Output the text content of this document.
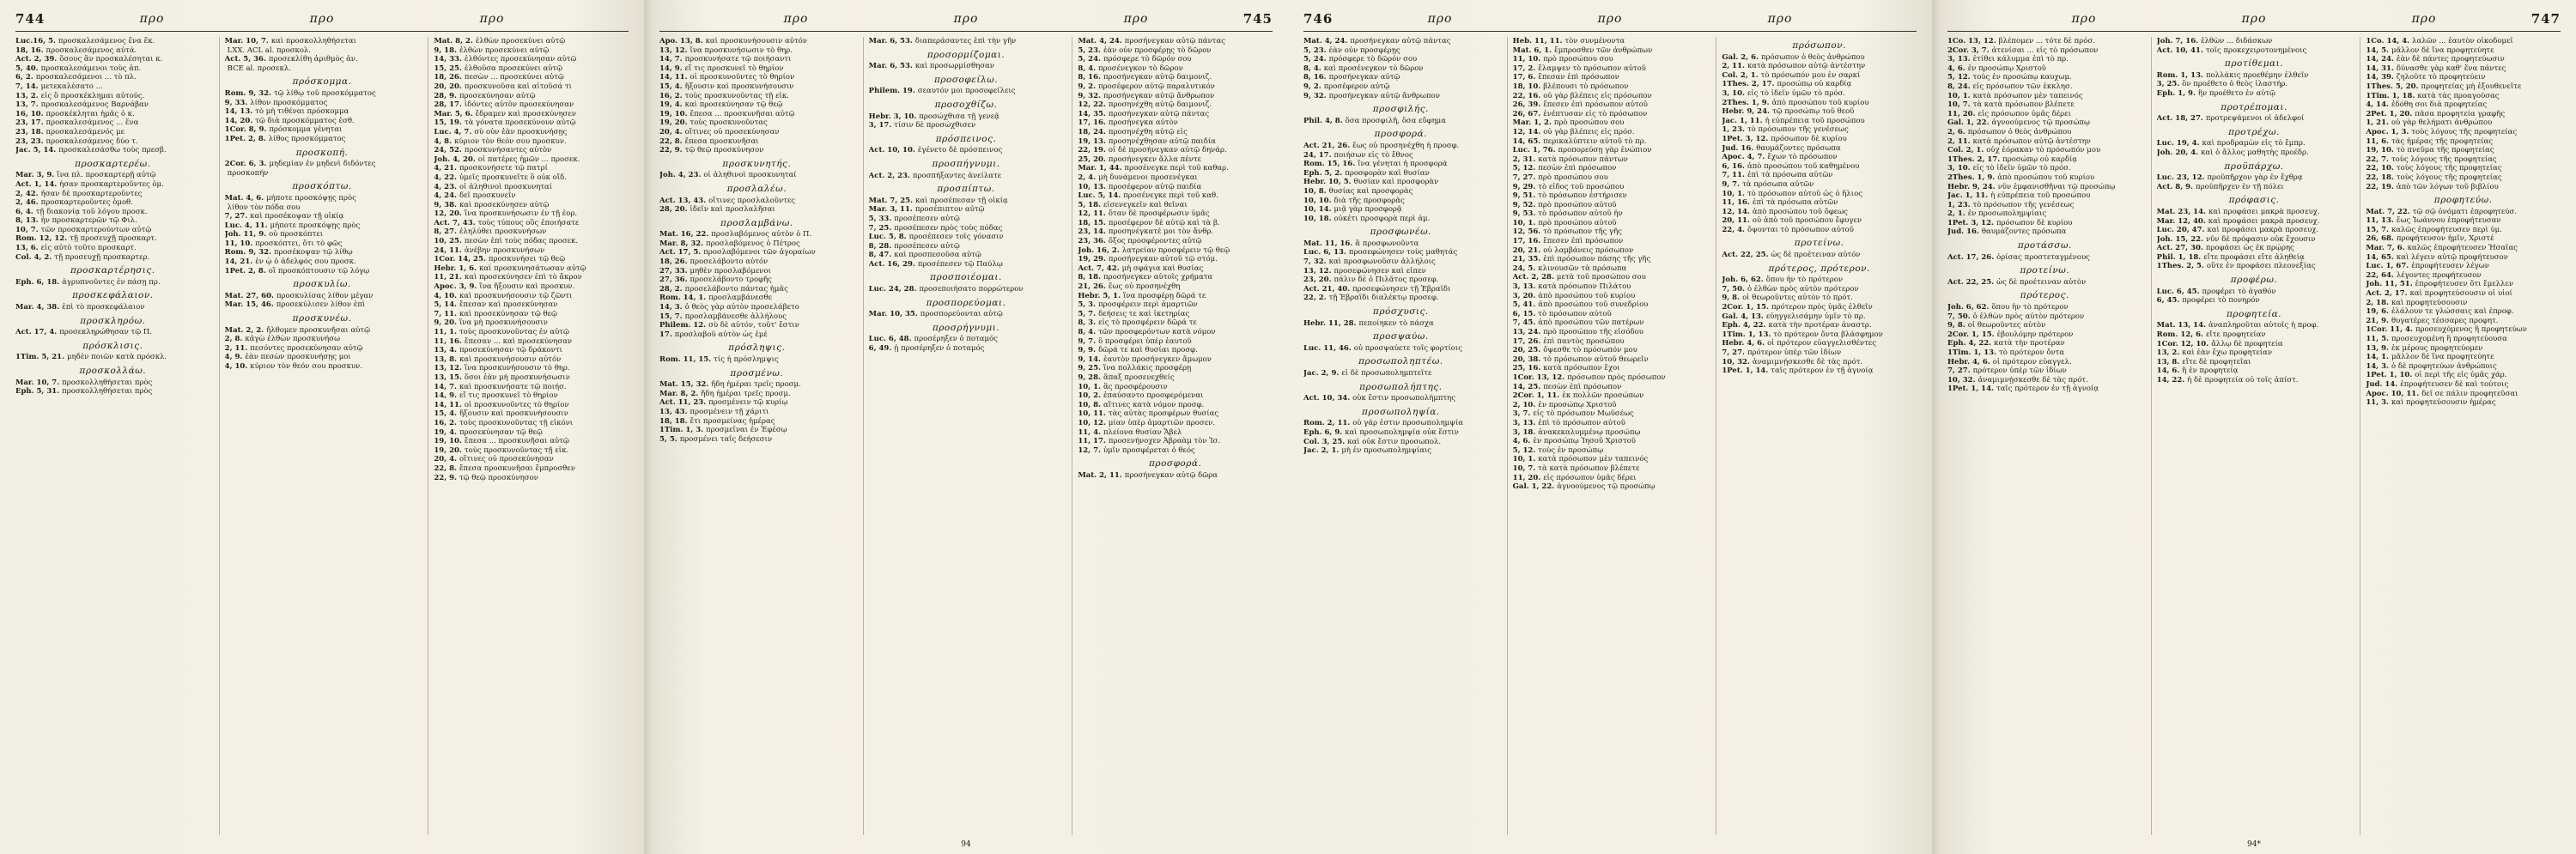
744	προ	προ	προ
Luc.16, 5. προσκαλεσάμενος ἕνα ἕκ.
18, 16. προσκαλεσάμενος αὐτά.
Act. 2, 39. ὅσους ἂν προσκαλέσηται κ.
5, 40. προσκαλεσάμενοι τοὺς ἀπ.
6, 2. προσκαλεσάμενοι ... τὸ πλ.
7, 14. μετεκαλέσατο ...
13, 2. εἰς ὃ προσκέκλημαι αὐτούς.
13, 7. προσκαλεσάμενος Βαρνάβαν
16, 10. προσκέκληται ἡμᾶς ὁ κ.
23, 17. προσκαλεσάμενος ... ἕνα
23, 18. προσκαλεσάμενός με
23, 23. προσκαλεσάμενος δύο τ.
Jac. 5, 14. προσκαλεσάσθω τοὺς πρεσβ.
προσκαρτερέω.
Mar. 3, 9. ἵνα πλ. προσκαρτερῇ αὐτῷ
Act. 1, 14. ἦσαν προσκαρτεροῦντες ὁμ.
2, 42. ἦσαν δὲ προσκαρτεροῦντες
2, 46. προσκαρτεροῦντες ὁμοθ.
6, 4. τῇ διακονίᾳ τοῦ λόγου προσκ.
8, 13. ἦν προσκαρτερῶν τῷ Φιλ.
10, 7. τῶν προσκαρτερούντων αὐτῷ
Rom. 12, 12. τῇ προσευχῇ προσκαρτ.
13, 6. εἰς αὐτὸ τοῦτο προσκαρτ.
Col. 4, 2. τῇ προσευχῇ προσκαρτερ.
προσκαρτέρησις.
Eph. 6, 18. ἀγρυπνοῦντες ἐν πάσῃ πρ.
προσκεφάλαιον.
Mar. 4, 38. ἐπὶ τὸ προσκεφάλαιον
προσκληρόω.
Act. 17, 4. προσεκληρώθησαν τῷ Π.
πρόσκλισις.
1Tim. 5, 21. μηδὲν ποιῶν κατὰ πρόσκλ.
προσκολλάω.
Mar. 10, 7. προσκολληθήσεται πρὸς
Eph. 5, 31. προσκολληθήσεται πρὸς
Mar. 10, 7. καὶ προσκολληθήσεται
LXX. ACL al. προσκολ.
Act. 5, 36. προσεκλίθη ἀριθμὸς ἀν.
BCE al. προσεκλ.
πρόσκομμα.
Rom. 9, 32. τῷ λίθῳ τοῦ προσκόμματος
9, 33. λίθον προσκόμματος
14, 13. τὸ μὴ τιθέναι πρόσκομμα
14, 20. τῷ διὰ προσκόμματος ἐσθ.
1Cor. 8, 9. πρόσκομμα γένηται
1Pet. 2, 8. λίθος προσκόμματος
προσκοπή.
2Cor. 6, 3. μηδεμίαν ἐν μηδενὶ διδόντες
προσκοπήν
προσκόπτω.
Mat. 4, 6. μήποτε προσκόψῃς πρὸς
λίθον τὸν πόδα σου
7, 27. καὶ προσέκοψαν τῇ οἰκίᾳ
Luc. 4, 11. μήποτε προσκόψῃς πρὸς
Joh. 11, 9. οὐ προσκόπτει
11, 10. προσκόπτει, ὅτι τὸ φῶς
Rom. 9, 32. προσέκοψαν τῷ λίθῳ
14, 21. ἐν ᾧ ὁ ἀδελφός σου προσκ.
1Pet. 2, 8. οἳ προσκόπτουσιν τῷ λόγῳ
προσκυλίω.
Mat. 27, 60. προσκυλίσας λίθον μέγαν
Mar. 15, 46. προσεκύλισεν λίθον ἐπὶ
προσκυνέω.
Mat. 2, 2. ἤλθομεν προσκυνῆσαι αὐτῷ
2, 8. κἀγὼ ἐλθὼν προσκυνήσω
2, 11. πεσόντες προσεκύνησαν αὐτῷ
4, 9. ἐὰν πεσὼν προσκυνήσῃς μοι
4, 10. κύριον τὸν θεόν σου προσκυν.
Mat. 8, 2. ἐλθὼν προσεκύνει αὐτῷ
9, 18. ἐλθὼν προσεκύνει αὐτῷ
14, 33. ἐλθόντες προσεκύνησαν αὐτῷ
15, 25. ἐλθοῦσα προσεκύνει αὐτῷ
18, 26. πεσὼν ... προσεκύνει αὐτῷ
20, 20. προσκυνοῦσα καὶ αἰτοῦσά τι
28, 9. προσεκύνησαν αὐτῷ
28, 17. ἰδόντες αὐτὸν προσεκύνησαν
Mar. 5, 6. ἔδραμεν καὶ προσεκύνησεν
15, 19. τὰ γόνατα προσεκύνουν αὐτῷ
Luc. 4, 7. σὺ οὖν ἐὰν προσκυνήσῃς
4, 8. κύριον τὸν θεόν σου προσκυν.
24, 52. προσκυνήσαντες αὐτὸν
Joh. 4, 20. οἱ πατέρες ἡμῶν ... προσεκ.
4, 21. προσκυνήσετε τῷ πατρί
4, 22. ὑμεῖς προσκυνεῖτε ὃ οὐκ οἴδ.
4, 23. οἱ ἀληθινοὶ προσκυνηταί
4, 24. δεῖ προσκυνεῖν
9, 38. καὶ προσεκύνησεν αὐτῷ
12, 20. ἵνα προσκυνήσωσιν ἐν τῇ ἑορ.
Act. 7, 43. τοὺς τύπους οὓς ἐποιήσατε
8, 27. ἐληλύθει προσκυνήσων
10, 25. πεσὼν ἐπὶ τοὺς πόδας προσεκ.
24, 11. ἀνέβην προσκυνήσων
1Cor. 14, 25. προσκυνήσει τῷ θεῷ
Hebr. 1, 6. καὶ προσκυνησάτωσαν αὐτῷ
11, 21. καὶ προσεκύνησεν ἐπὶ τὸ ἄκρον
Apoc. 3, 9. ἵνα ἥξουσιν καὶ προσκυν.
4, 10. καὶ προσκυνήσουσιν τῷ ζῶντι
5, 14. ἔπεσαν καὶ προσεκύνησαν
7, 11. καὶ προσεκύνησαν τῷ θεῷ
9, 20. ἵνα μὴ προσκυνήσουσιν
11, 1. τοὺς προσκυνοῦντας ἐν αὐτῷ
11, 16. ἔπεσαν ... καὶ προσεκύνησαν
13, 4. προσεκύνησαν τῷ δράκοντι
13, 8. καὶ προσκυνήσουσιν αὐτόν
13, 12. ἵνα προσκυνήσουσιν τὸ θηρ.
13, 15. ὅσοι ἐὰν μὴ προσκυνήσωσιν
14, 7. καὶ προσκυνήσατε τῷ ποιήσ.
14, 9. εἴ τις προσκυνεῖ τὸ θηρίον
14, 11. οἱ προσκυνοῦντες τὸ θηρίον
15, 4. ἥξουσιν καὶ προσκυνήσουσιν
16, 2. τοὺς προσκυνοῦντας τῇ εἰκόνι
19, 4. προσεκύνησαν τῷ θεῷ
19, 10. ἔπεσα ... προσκυνῆσαι αὐτῷ
19, 20. τοὺς προσκυνοῦντας τῇ εἰκ.
20, 4. οἵτινες οὐ προσεκύνησαν
22, 8. ἔπεσα προσκυνῆσαι ἔμπροσθεν
22, 9. τῷ θεῷ προσκύνησον
προ	προ	προ	745
Apo. 13, 8. καὶ προσκυνήσουσιν αὐτόν
13, 12. ἵνα προσκυνήσωσιν τὸ θηρ.
14, 7. προσκυνήσατε τῷ ποιήσαντι
14, 9. εἴ τις προσκυνεῖ τὸ θηρίον
14, 11. οἱ προσκυνοῦντες τὸ θηρίον
15, 4. ἥξουσιν καὶ προσκυνήσουσιν
16, 2. τοὺς προσκυνοῦντας τῇ εἰκ.
19, 4. καὶ προσεκύνησαν τῷ θεῷ
19, 10. ἔπεσα ... προσκυνῆσαι αὐτῷ
19, 20. τοὺς προσκυνοῦντας
20, 4. οἵτινες οὐ προσεκύνησαν
22, 8. ἔπεσα προσκυνῆσαι
22, 9. τῷ θεῷ προσκύνησον
προσκυνητής.
Joh. 4, 23. οἱ ἀληθινοὶ προσκυνηταί
προσλαλέω.
Act. 13, 43. οἵτινες προσλαλοῦντες
28, 20. ἰδεῖν καὶ προσλαλῆσαι
προσλαμβάνω.
Mat. 16, 22. προσλαβόμενος αὐτὸν ὁ Π.
Mar. 8, 32. προσλαβόμενος ὁ Πέτρος
Act. 17, 5. προσλαβόμενοι τῶν ἀγοραίων
18, 26. προσελάβοντο αὐτόν
27, 33. μηθὲν προσλαβόμενοι
27, 36. προσελάβοντο τροφῆς
28, 2. προσελάβοντο πάντας ἡμᾶς
Rom. 14, 1. προσλαμβάνεσθε
14, 3. ὁ θεὸς γὰρ αὐτὸν προσελάβετο
15, 7. προσλαμβάνεσθε ἀλλήλους
Philem. 12. σὺ δὲ αὐτόν, τοῦτ' ἔστιν
17. προσλαβοῦ αὐτὸν ὡς ἐμέ
πρόσληψις.
Rom. 11, 15. τίς ἡ πρόσλημψις
προσμένω.
Mat. 15, 32. ἤδη ἡμέραι τρεῖς προσμ.
Mar. 8, 2. ἤδη ἡμέραι τρεῖς προσμ.
Act. 11, 23. προσμένειν τῷ κυρίῳ
13, 43. προσμένειν τῇ χάριτι
18, 18. ἔτι προσμείνας ἡμέρας
1Tim. 1, 3. προσμεῖναι ἐν Ἐφέσῳ
5, 5. προσμένει ταῖς δεήσεσιν
Mar. 6, 53. διαπεράσαντες ἐπὶ τὴν γῆν
προσορμίζομαι.
Mar. 6, 53. καὶ προσωρμίσθησαν
προσοφείλω.
Philem. 19. σεαυτόν μοι προσοφείλεις
προσοχθίζω.
Hebr. 3, 10. προσώχθισα τῇ γενεᾷ
3, 17. τίσιν δὲ προσώχθισεν
πρόσπεινος.
Act. 10, 10. ἐγένετο δὲ πρόσπεινος
προσπήγνυμι.
Act. 2, 23. προσπήξαντες ἀνείλατε
προσπίπτω.
Mat. 7, 25. καὶ προσέπεσαν τῇ οἰκίᾳ
Mar. 3, 11. προσέπιπτον αὐτῷ
5, 33. προσέπεσεν αὐτῷ
7, 25. προσέπεσεν πρὸς τοὺς πόδας
Luc. 5, 8. προσέπεσεν τοῖς γόνασιν
8, 28. προσέπεσεν αὐτῷ
8, 47. καὶ προσπεσοῦσα αὐτῷ
Act. 16, 29. προσέπεσεν τῷ Παύλῳ
προσποιέομαι.
Luc. 24, 28. προσεποιήσατο πορρώτερον
προσπορεύομαι.
Mar. 10, 35. προσπορεύονται αὐτῷ
προσρήγνυμι.
Luc. 6, 48. προσέρηξεν ὁ ποταμός
6, 49. ᾗ προσέρηξεν ὁ ποταμός
Mat. 4, 24. προσήνεγκαν αὐτῷ πάντας
5, 23. ἐὰν οὖν προσφέρῃς τὸ δῶρον
5, 24. πρόσφερε τὸ δῶρόν σου
8, 4. προσένεγκον τὸ δῶρον
8, 16. προσήνεγκαν αὐτῷ δαιμονιζ.
9, 2. προσέφερον αὐτῷ παραλυτικόν
9, 32. προσήνεγκαν αὐτῷ ἄνθρωπον
12, 22. προσηνέχθη αὐτῷ δαιμονιζ.
14, 35. προσήνεγκαν αὐτῷ πάντας
17, 16. προσήνεγκα αὐτὸν
18, 24. προσηνέχθη αὐτῷ εἷς
19, 13. προσηνέχθησαν αὐτῷ παιδία
22, 19. οἱ δὲ προσήνεγκαν αὐτῷ δηνάρ.
25, 20. προσήνεγκεν ἄλλα πέντε
Mar. 1, 44. προσένεγκε περὶ τοῦ καθαρ.
2, 4. μὴ δυνάμενοι προσενέγκαι
10, 13. προσέφερον αὐτῷ παιδία
Luc. 5, 14. προσένεγκε περὶ τοῦ καθ.
5, 18. εἰσενεγκεῖν καὶ θεῖναι
12, 11. ὅταν δὲ προσφέρωσιν ὑμᾶς
18, 15. προσέφερον δὲ αὐτῷ καὶ τὰ β.
23, 14. προσηνέγκατέ μοι τὸν ἄνθρ.
23, 36. ὄξος προσφέροντες αὐτῷ
Joh. 16, 2. λατρείαν προσφέρειν τῷ θεῷ
19, 29. προσήνεγκαν αὐτοῦ τῷ στόμ.
Act. 7, 42. μὴ σφάγια καὶ θυσίας
8, 18. προσήνεγκεν αὐτοῖς χρήματα
21, 26. ἕως οὗ προσηνέχθη
Hebr. 5, 1. ἵνα προσφέρῃ δῶρά τε
5, 3. προσφέρειν περὶ ἁμαρτιῶν
5, 7. δεήσεις τε καὶ ἱκετηρίας
8, 3. εἰς τὸ προσφέρειν δῶρά τε
8, 4. τῶν προσφερόντων κατὰ νόμον
9, 7. ὃ προσφέρει ὑπὲρ ἑαυτοῦ
9, 9. δῶρά τε καὶ θυσίαι προσφ.
9, 14. ἑαυτὸν προσήνεγκεν ἄμωμον
9, 25. ἵνα πολλάκις προσφέρῃ
9, 28. ἅπαξ προσενεχθείς
10, 1. ἃς προσφέρουσιν
10, 2. ἐπαύσαντο προσφερόμεναι
10, 8. αἵτινες κατὰ νόμον προσφ.
10, 11. τὰς αὐτὰς προσφέρων θυσίας
10, 12. μίαν ὑπὲρ ἁμαρτιῶν προσεν.
11, 4. πλείονα θυσίαν Ἄβελ
11, 17. προσενήνοχεν Ἀβραὰμ τὸν Ἰσ.
12, 7. ὑμῖν προσφέρεται ὁ θεός
προσφορά.
Mat. 2, 11. προσήνεγκαν αὐτῷ δῶρα
94
746	προ	προ	προ
Mat. 4, 24. προσήνεγκαν αὐτῷ πάντας
5, 23. ἐὰν οὖν προσφέρῃς
5, 24. πρόσφερε τὸ δῶρόν σου
8, 4. καὶ προσένεγκον τὸ δῶρον
8, 16. προσήνεγκαν αὐτῷ
9, 2. προσέφερον αὐτῷ
9, 32. προσήνεγκαν αὐτῷ ἄνθρωπον
προσφιλής.
Phil. 4, 8. ὅσα προσφιλῆ, ὅσα εὔφημα
προσφορά.
Act. 21, 26. ἕως οὗ προσηνέχθη ἡ προσφ.
24, 17. ποιήσων εἰς τὸ ἔθνος
Rom. 15, 16. ἵνα γένηται ἡ προσφορά
Eph. 5, 2. προσφορὰν καὶ θυσίαν
Hebr. 10, 5. θυσίαν καὶ προσφορὰν
10, 8. θυσίας καὶ προσφορὰς
10, 10. διὰ τῆς προσφορᾶς
10, 14. μιᾷ γὰρ προσφορᾷ
10, 18. οὐκέτι προσφορὰ περὶ ἁμ.
προσφωνέω.
Mat. 11, 16. ἃ προσφωνοῦντα
Luc. 6, 13. προσεφώνησεν τοὺς μαθητάς
7, 32. καὶ προσφωνοῦσιν ἀλλήλοις
13, 12. προσεφώνησεν καὶ εἶπεν
23, 20. πάλιν δὲ ὁ Πιλᾶτος προσεφ.
Act. 21, 40. προσεφώνησεν τῇ Ἑβραΐδι
22, 2. τῇ Ἑβραΐδι διαλέκτῳ προσεφ.
πρόσχυσις.
Hebr. 11, 28. πεποίηκεν τὸ πάσχα
προσψαύω.
Luc. 11, 46. οὐ προσψαύετε τοῖς φορτίοις
προσωποληπτέω.
Jac. 2, 9. εἰ δὲ προσωπολημπτεῖτε
προσωπολήπτης.
Act. 10, 34. οὐκ ἔστιν προσωπολήμπτης
προσωποληψία.
Rom. 2, 11. οὐ γάρ ἐστιν προσωπολημψία
Eph. 6, 9. καὶ προσωπολημψία οὐκ ἔστιν
Col. 3, 25. καὶ οὐκ ἔστιν προσωπολ.
Jac. 2, 1. μὴ ἐν προσωπολημψίαις
Heb. 11, 11. τὸν συνμένοντα
Mat. 6, 1. ἔμπροσθεν τῶν ἀνθρώπων
11, 10. πρὸ προσώπου σου
17, 2. ἔλαμψεν τὸ πρόσωπον αὐτοῦ
17, 6. ἔπεσαν ἐπὶ πρόσωπον
18, 10. βλέπουσι τὸ πρόσωπον
22, 16. οὐ γὰρ βλέπεις εἰς πρόσωπον
26, 39. ἔπεσεν ἐπὶ πρόσωπον αὐτοῦ
26, 67. ἐνέπτυσαν εἰς τὸ πρόσωπον
Mar. 1, 2. πρὸ προσώπου σου
12, 14. οὐ γὰρ βλέπεις εἰς πρόσ.
14, 65. περικαλύπτειν αὐτοῦ τὸ πρ.
Luc. 1, 76. προπορεύσῃ γὰρ ἐνώπιον
2, 31. κατὰ πρόσωπον πάντων
5, 12. πεσὼν ἐπὶ πρόσωπον
7, 27. πρὸ προσώπου σου
9, 29. τὸ εἶδος τοῦ προσώπου
9, 51. τὸ πρόσωπον ἐστήρισεν
9, 52. πρὸ προσώπου αὐτοῦ
9, 53. τὸ πρόσωπον αὐτοῦ ἦν
10, 1. πρὸ προσώπου αὐτοῦ
12, 56. τὸ πρόσωπον τῆς γῆς
17, 16. ἔπεσεν ἐπὶ πρόσωπον
20, 21. οὐ λαμβάνεις πρόσωπον
21, 35. ἐπὶ πρόσωπον πάσης τῆς γῆς
24, 5. κλινουσῶν τὰ πρόσωπα
Act. 2, 28. μετὰ τοῦ προσώπου σου
3, 13. κατὰ πρόσωπον Πιλάτου
3, 20. ἀπὸ προσώπου τοῦ κυρίου
5, 41. ἀπὸ προσώπου τοῦ συνεδρίου
6, 15. τὸ πρόσωπον αὐτοῦ
7, 45. ἀπὸ προσώπου τῶν πατέρων
13, 24. πρὸ προσώπου τῆς εἰσόδου
17, 26. ἐπὶ παντὸς προσώπου
20, 25. ὄψεσθε τὸ πρόσωπόν μου
20, 38. τὸ πρόσωπον αὐτοῦ θεωρεῖν
25, 16. κατὰ πρόσωπον ἔχοι
1Cor. 13, 12. πρόσωπον πρὸς πρόσωπον
14, 25. πεσὼν ἐπὶ πρόσωπον
2Cor. 1, 11. ἐκ πολλῶν προσώπων
2, 10. ἐν προσώπῳ Χριστοῦ
3, 7. εἰς τὸ πρόσωπον Μωϋσέως
3, 13. ἐπὶ τὸ πρόσωπον αὐτοῦ
3, 18. ἀνακεκαλυμμένῳ προσώπῳ
4, 6. ἐν προσώπῳ Ἰησοῦ Χριστοῦ
5, 12. τοὺς ἐν προσώπῳ
10, 1. κατὰ πρόσωπον μὲν ταπεινός
10, 7. τὰ κατὰ πρόσωπον βλέπετε
11, 20. εἰς πρόσωπον ὑμᾶς δέρει
Gal. 1, 22. ἀγνοούμενος τῷ προσώπῳ
πρόσωπον.
Gal. 2, 6. πρόσωπον ὁ θεὸς ἀνθρώπου
2, 11. κατὰ πρόσωπον αὐτῷ ἀντέστην
Col. 2, 1. τὸ πρόσωπόν μου ἐν σαρκί
1Thes. 2, 17. προσώπῳ οὐ καρδίᾳ
3, 10. εἰς τὸ ἰδεῖν ὑμῶν τὸ πρόσ.
2Thes. 1, 9. ἀπὸ προσώπου τοῦ κυρίου
Hebr. 9, 24. τῷ προσώπῳ τοῦ θεοῦ
Jac. 1, 11. ἡ εὐπρέπεια τοῦ προσώπου
1, 23. τὸ πρόσωπον τῆς γενέσεως
1Pet. 3, 12. πρόσωπον δὲ κυρίου
Jud. 16. θαυμάζοντες πρόσωπα
Apoc. 4, 7. ἔχων τὸ πρόσωπον
6, 16. ἀπὸ προσώπου τοῦ καθημένου
7, 11. ἐπὶ τὰ πρόσωπα αὐτῶν
9, 7. τὰ πρόσωπα αὐτῶν
10, 1. τὸ πρόσωπον αὐτοῦ ὡς ὁ ἥλιος
11, 16. ἐπὶ τὰ πρόσωπα αὐτῶν
12, 14. ἀπὸ προσώπου τοῦ ὄφεως
20, 11. οὗ ἀπὸ τοῦ προσώπου ἔφυγεν
22, 4. ὄψονται τὸ πρόσωπον αὐτοῦ
προτείνω.
Act. 22, 25. ὡς δὲ προέτειναν αὐτόν
πρότερος, πρότερον.
Joh. 6, 62. ὅπου ἦν τὸ πρότερον
7, 50. ὁ ἐλθὼν πρὸς αὐτὸν πρότερον
9, 8. οἱ θεωροῦντες αὐτὸν τὸ πρότ.
2Cor. 1, 15. πρότερον πρὸς ὑμᾶς ἐλθεῖν
Gal. 4, 13. εὐηγγελισάμην ὑμῖν τὸ πρ.
Eph. 4, 22. κατὰ τὴν προτέραν ἀναστρ.
1Tim. 1, 13. τὸ πρότερον ὄντα βλάσφημον
Hebr. 4, 6. οἱ πρότερον εὐαγγελισθέντες
7, 27. πρότερον ὑπὲρ τῶν ἰδίων
10, 32. ἀναμιμνῄσκεσθε δὲ τὰς πρότ.
1Pet. 1, 14. ταῖς πρότερον ἐν τῇ ἀγνοίᾳ
προ	προ	προ	747
1Co. 13, 12. βλέπομεν ... τότε δὲ πρόσ.
2Cor. 3, 7. ἀτενίσαι ... εἰς τὸ πρόσωπον
3, 13. ἐτίθει κάλυμμα ἐπὶ τὸ πρ.
4, 6. ἐν προσώπῳ Χριστοῦ
5, 12. τοὺς ἐν προσώπῳ καυχωμ.
8, 24. εἰς πρόσωπον τῶν ἐκκλησ.
10, 1. κατὰ πρόσωπον μὲν ταπεινός
10, 7. τὰ κατὰ πρόσωπον βλέπετε
11, 20. εἰς πρόσωπον ὑμᾶς δέρει
Gal. 1, 22. ἀγνοούμενος τῷ προσώπῳ
2, 6. πρόσωπον ὁ θεὸς ἀνθρώπου
2, 11. κατὰ πρόσωπον αὐτῷ ἀντέστην
Col. 2, 1. οὐχ ἑόρακαν τὸ πρόσωπόν μου
1Thes. 2, 17. προσώπῳ οὐ καρδίᾳ
3, 10. εἰς τὸ ἰδεῖν ὑμῶν τὸ πρόσ.
2Thes. 1, 9. ἀπὸ προσώπου τοῦ κυρίου
Hebr. 9, 24. νῦν ἐμφανισθῆναι τῷ προσώπῳ
Jac. 1, 11. ἡ εὐπρέπεια τοῦ προσώπου
1, 23. τὸ πρόσωπον τῆς γενέσεως
2, 1. ἐν προσωπολημψίαις
1Pet. 3, 12. πρόσωπον δὲ κυρίου
Jud. 16. θαυμάζοντες πρόσωπα
προτάσσω.
Act. 17, 26. ὁρίσας προστεταγμένους
προτείνω.
Act. 22, 25. ὡς δὲ προέτειναν αὐτὸν
πρότερος.
Joh. 6, 62. ὅπου ἦν τὸ πρότερον
7, 50. ὁ ἐλθὼν πρὸς αὐτὸν πρότερον
9, 8. οἱ θεωροῦντες αὐτὸν
2Cor. 1, 15. ἐβουλόμην πρότερον
Eph. 4, 22. κατὰ τὴν προτέραν
1Tim. 1, 13. τὸ πρότερον ὄντα
Hebr. 4, 6. οἱ πρότερον εὐαγγελ.
7, 27. πρότερον ὑπὲρ τῶν ἰδίων
10, 32. ἀναμιμνῄσκεσθε δὲ τὰς πρότ.
1Pet. 1, 14. ταῖς πρότερον ἐν τῇ ἀγνοίᾳ
Joh. 7, 16. ἐλθὼν ... διδάσκων
Act. 10, 41. τοῖς προκεχειροτονημένοις
προτίθεμαι.
Rom. 1, 13. πολλάκις προεθέμην ἐλθεῖν
3, 25. ὃν προέθετο ὁ θεὸς ἱλαστήρ.
Eph. 1, 9. ἣν προέθετο ἐν αὐτῷ
προτρέπομαι.
Act. 18, 27. προτρεψάμενοι οἱ ἀδελφοί
προτρέχω.
Luc. 19, 4. καὶ προδραμὼν εἰς τὸ ἔμπρ.
Joh. 20, 4. καὶ ὁ ἄλλος μαθητὴς προέδρ.
προϋπάρχω.
Luc. 23, 12. προϋπῆρχον γὰρ ἐν ἔχθρᾳ
Act. 8, 9. προϋπῆρχεν ἐν τῇ πόλει
πρόφασις.
Mat. 23, 14. καὶ προφάσει μακρὰ προσευχ.
Mar. 12, 40. καὶ προφάσει μακρὰ προσευχ.
Luc. 20, 47. καὶ προφάσει μακρὰ προσευχ.
Joh. 15, 22. νῦν δὲ πρόφασιν οὐκ ἔχουσιν
Act. 27, 30. προφάσει ὡς ἐκ πρῴρης
Phil. 1, 18. εἴτε προφάσει εἴτε ἀληθείᾳ
1Thes. 2, 5. οὔτε ἐν προφάσει πλεονεξίας
προφέρω.
Luc. 6, 45. προφέρει τὸ ἀγαθόν
6, 45. προφέρει τὸ πονηρόν
προφητεία.
Mat. 13, 14. ἀναπληροῦται αὐτοῖς ἡ προφ.
Rom. 12, 6. εἴτε προφητείαν
1Cor. 12, 10. ἄλλῳ δὲ προφητεία
13, 2. καὶ ἐὰν ἔχω προφητείαν
13, 8. εἴτε δὲ προφητεῖαι
14, 6. ἢ ἐν προφητείᾳ
14, 22. ἡ δὲ προφητεία οὐ τοῖς ἀπίστ.
1Co. 14, 4. λαλῶν ... ἑαυτὸν οἰκοδομεῖ
14, 5. μᾶλλον δὲ ἵνα προφητεύητε
14, 24. ἐὰν δὲ πάντες προφητεύωσιν
14, 31. δύνασθε γὰρ καθ' ἕνα πάντες
14, 39. ζηλοῦτε τὸ προφητεύειν
1Thes. 5, 20. προφητείας μὴ ἐξουθενεῖτε
1Tim. 1, 18. κατὰ τὰς προαγούσας
4, 14. ἐδόθη σοι διὰ προφητείας
2Pet. 1, 20. πᾶσα προφητεία γραφῆς
1, 21. οὐ γὰρ θελήματι ἀνθρώπου
Apoc. 1, 3. τοὺς λόγους τῆς προφητείας
11, 6. τὰς ἡμέρας τῆς προφητείας
19, 10. τὸ πνεῦμα τῆς προφητείας
22, 7. τοὺς λόγους τῆς προφητείας
22, 10. τοὺς λόγους τῆς προφητείας
22, 18. τοὺς λόγους τῆς προφητείας
22, 19. ἀπὸ τῶν λόγων τοῦ βιβλίου
προφητεύω.
Mat. 7, 22. τῷ σῷ ὀνόματι ἐπροφητεύσ.
11, 13. ἕως Ἰωάννου ἐπροφήτευσαν
15, 7. καλῶς ἐπροφήτευσεν περὶ ὑμ.
26, 68. προφήτευσον ἡμῖν, Χριστέ
Mar. 7, 6. καλῶς ἐπροφήτευσεν Ἠσαΐας
14, 65. καὶ λέγειν αὐτῷ προφήτευσον
Luc. 1, 67. ἐπροφήτευσεν λέγων
22, 64. λέγοντες προφήτευσον
Joh. 11, 51. ἐπροφήτευσεν ὅτι ἔμελλεν
Act. 2, 17. καὶ προφητεύσουσιν οἱ υἱοί
2, 18. καὶ προφητεύσουσιν
19, 6. ἐλάλουν τε γλώσσαις καὶ ἐπροφ.
21, 9. θυγατέρες τέσσαρες προφητ.
1Cor. 11, 4. προσευχόμενος ἢ προφητεύων
11, 5. προσευχομένη ἢ προφητεύουσα
13, 9. ἐκ μέρους προφητεύομεν
14, 1. μᾶλλον δὲ ἵνα προφητεύητε
14, 3. ὁ δὲ προφητεύων ἀνθρώποις
1Pet. 1, 10. οἱ περὶ τῆς εἰς ὑμᾶς χάρ.
Jud. 14. ἐπροφήτευσεν δὲ καὶ τούτοις
Apoc. 10, 11. δεῖ σε πάλιν προφητεῦσαι
11, 3. καὶ προφητεύσουσιν ἡμέρας
94*
